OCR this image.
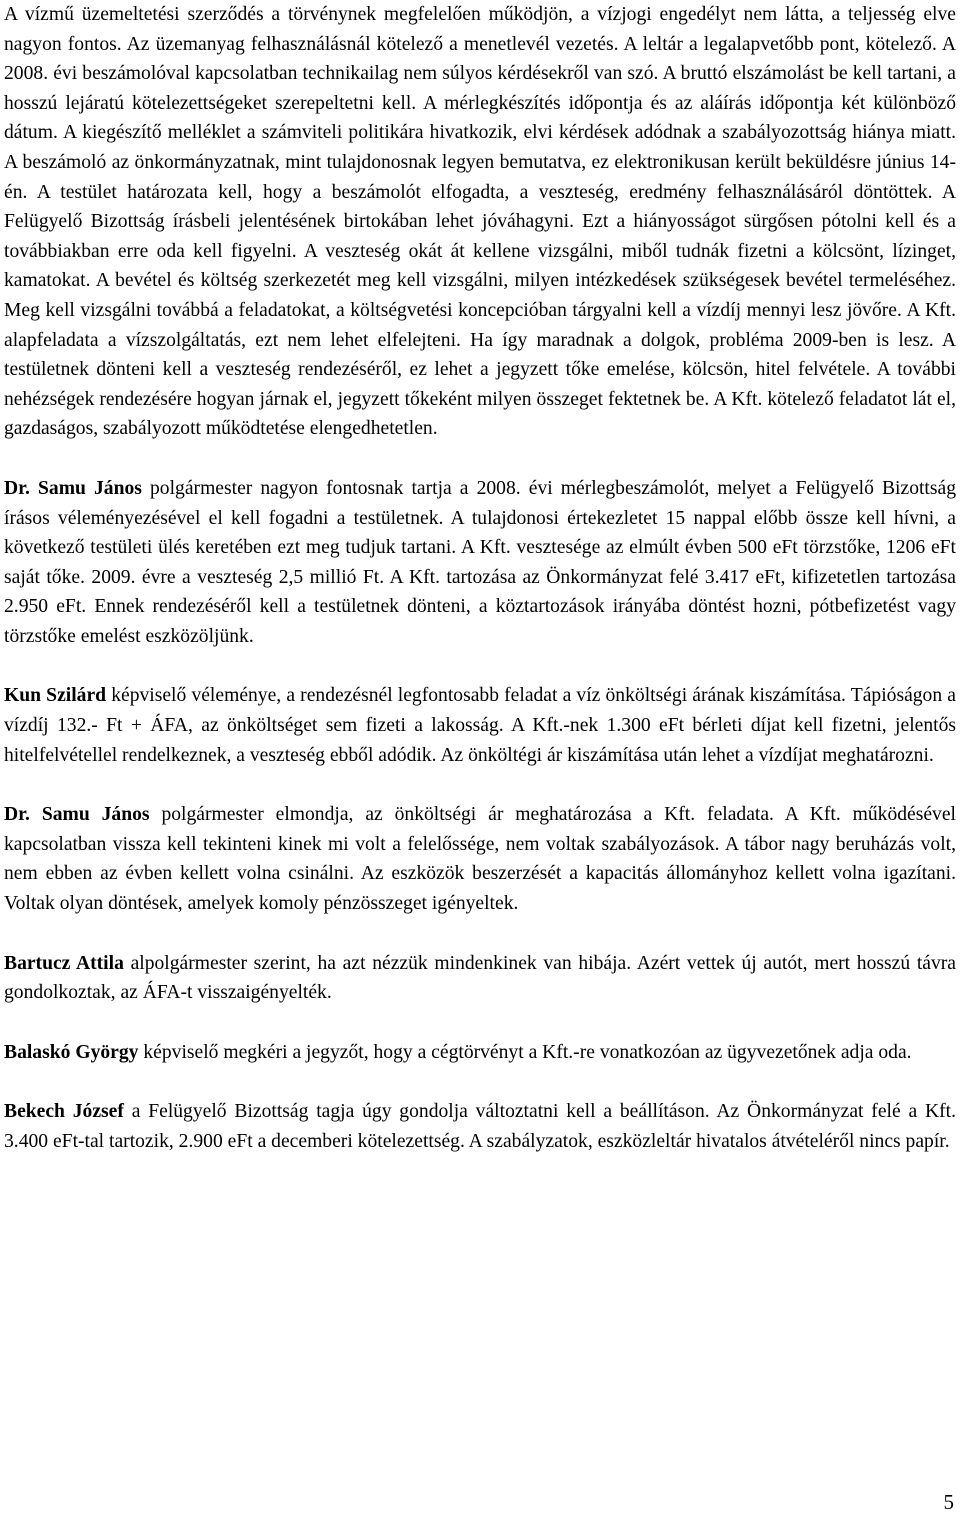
A vízmű üzemeltetési szerződés a törvénynek megfelelően működjön, a vízjogi engedélyt nem látta, a teljesség elve nagyon fontos. Az üzemanyag felhasználásnál kötelező a menetlevél vezetés. A leltár a legalapvetőbb pont, kötelező. A 2008. évi beszámolóval kapcsolatban technikailag nem súlyos kérdésekről van szó. A bruttó elszámolást be kell tartani, a hosszú lejáratú kötelezettségeket szerepeltetni kell. A mérlegkészítés időpontja és az aláírás időpontja két különböző dátum. A kiegészítő melléklet a számviteli politikára hivatkozik, elvi kérdések adódnak a szabályozottság hiánya miatt. A beszámoló az önkormányzatnak, mint tulajdonosnak legyen bemutatva, ez elektronikusan került beküldésre június 14-én. A testület határozata kell, hogy a beszámolót elfogadta, a veszteség, eredmény felhasználásáról döntöttek. A Felügyelő Bizottság írásbeli jelentésének birtokában lehet jóváhagyni. Ezt a hiányosságot sürgősen pótolni kell és a továbbiakban erre oda kell figyelni. A veszteség okát át kellene vizsgálni, miből tudnák fizetni a kölcsönt, lízinget, kamatokat. A bevétel és költség szerkezetét meg kell vizsgálni, milyen intézkedések szükségesek bevétel termeléséhez. Meg kell vizsgálni továbbá a feladatokat, a költségvetési koncepcióban tárgyalni kell a vízdíj mennyi lesz jövőre. A Kft. alapfeladata a vízszolgáltatás, ezt nem lehet elfelejteni. Ha így maradnak a dolgok, probléma 2009-ben is lesz. A testületnek dönteni kell a veszteség rendezéséről, ez lehet a jegyzett tőke emelése, kölcsön, hitel felvétele. A további nehézségek rendezésére hogyan járnak el, jegyzett tőkeként milyen összeget fektetnek be. A Kft. kötelező feladatot lát el, gazdaságos, szabályozott működtetése elengedhetetlen.

Dr. Samu János polgármester nagyon fontosnak tartja a 2008. évi mérlegbeszámolót, melyet a Felügyelő Bizottság írásos véleményezésével el kell fogadni a testületnek. A tulajdonosi értekezletet 15 nappal előbb össze kell hívni, a következő testületi ülés keretében ezt meg tudjuk tartani. A Kft. vesztesége az elmúlt évben 500 eFt törzstőke, 1206 eFt saját tőke. 2009. évre a veszteség 2,5 millió Ft. A Kft. tartozása az Önkormányzat felé 3.417 eFt, kifizetetlen tartozása 2.950 eFt. Ennek rendezéséről kell a testületnek dönteni, a köztartozások irányába döntést hozni, pótbefizetést vagy törzstőke emelést eszközöljünk.

Kun Szilárd képviselő véleménye, a rendezésnél legfontosabb feladat a víz önköltségi árának kiszámítása. Tápióságon a vízdíj 132.- Ft + ÁFA, az önköltséget sem fizeti a lakosság. A Kft.-nek 1.300 eFt bérleti díjat kell fizetni, jelentős hitelfelvétellel rendelkeznek, a veszteség ebből adódik. Az önköltégi ár kiszámítása után lehet a vízdíjat meghatározni.

Dr. Samu János polgármester elmondja, az önköltségi ár meghatározása a Kft. feladata. A Kft. működésével kapcsolatban vissza kell tekinteni kinek mi volt a felelőssége, nem voltak szabályozások. A tábor nagy beruházás volt, nem ebben az évben kellett volna csinálni. Az eszközök beszerzését a kapacitás állományhoz kellett volna igazítani. Voltak olyan döntések, amelyek komoly pénzösszeget igényeltek.

Bartucz Attila alpolgármester szerint, ha azt nézzük mindenkinek van hibája. Azért vettek új autót, mert hosszú távra gondolkoztak, az ÁFA-t visszaigényelték.

Balaskó György képviselő megkéri a jegyzőt, hogy a cégtörvényt a Kft.-re vonatkozóan az ügyvezetőnek adja oda.

Bekech József a Felügyelő Bizottság tagja úgy gondolja változtatni kell a beállításon. Az Önkormányzat felé a Kft. 3.400 eFt-tal tartozik, 2.900 eFt a decemberi kötelezettség. A szabályzatok, eszközleltár hivatalos átvételéről nincs papír.

5
